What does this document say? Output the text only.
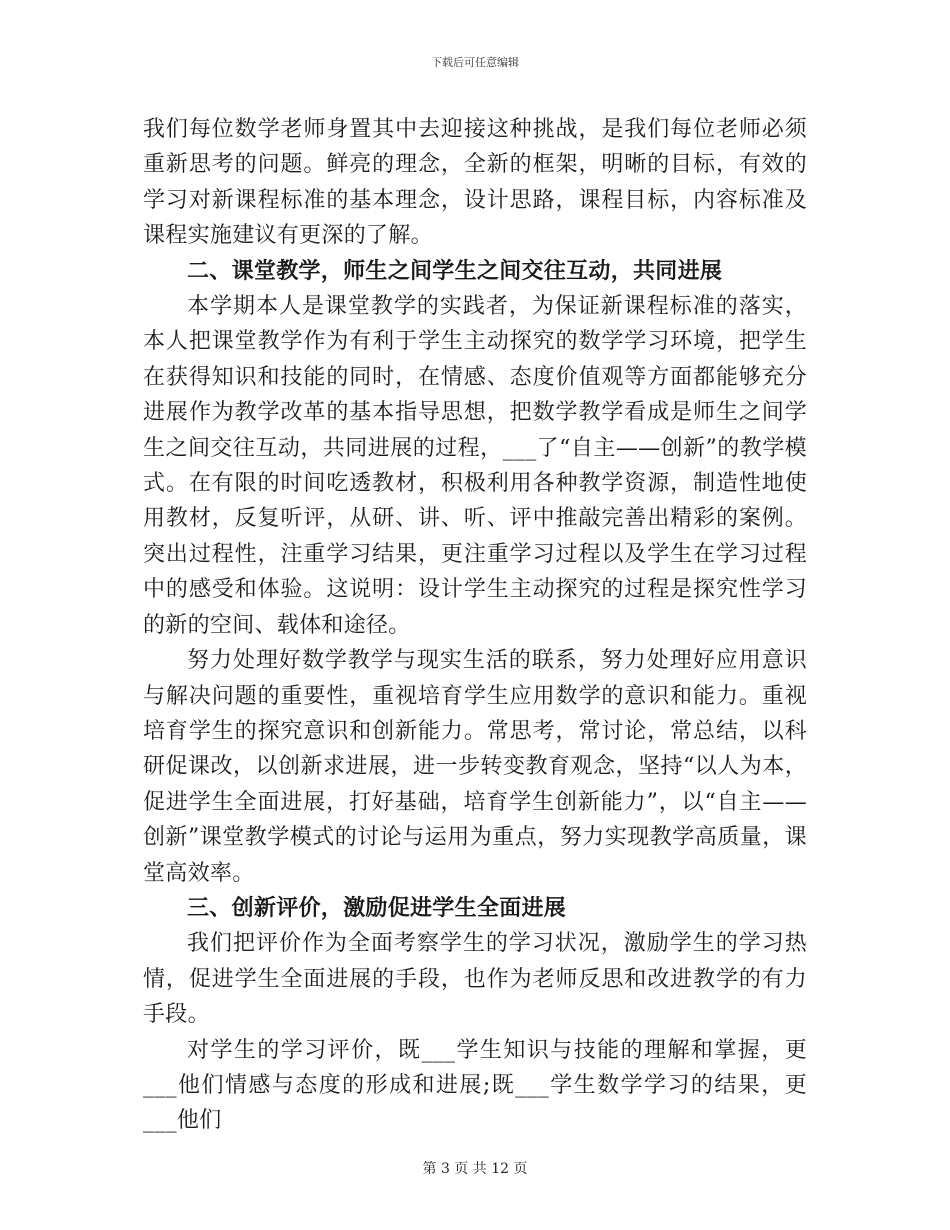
下载后可任意编辑

我们每位数学老师身置其中去迎接这种挑战，是我们每位老师必须重新思考的问题。鲜亮的理念，全新的框架，明晰的目标，有效的学习对新课程标准的基本理念，设计思路，课程目标，内容标准及课程实施建议有更深的了解。

二、课堂教学，师生之间学生之间交往互动，共同进展

本学期本人是课堂教学的实践者，为保证新课程标准的落实，本人把课堂教学作为有利于学生主动探究的数学学习环境，把学生在获得知识和技能的同时，在情感、态度价值观等方面都能够充分进展作为教学改革的基本指导思想，把数学教学看成是师生之间学生之间交往互动，共同进展的过程，___了“自主——创新”的教学模式。在有限的时间吃透教材，积极利用各种教学资源，制造性地使用教材，反复听评，从研、讲、听、评中推敲完善出精彩的案例。突出过程性，注重学习结果，更注重学习过程以及学生在学习过程中的感受和体验。这说明：设计学生主动探究的过程是探究性学习的新的空间、载体和途径。

努力处理好数学教学与现实生活的联系，努力处理好应用意识与解决问题的重要性，重视培育学生应用数学的意识和能力。重视培育学生的探究意识和创新能力。常思考，常讨论，常总结，以科研促课改，以创新求进展，进一步转变教育观念，坚持“以人为本，促进学生全面进展，打好基础，培育学生创新能力”，以“自主——创新”课堂教学模式的讨论与运用为重点，努力实现教学高质量，课堂高效率。

三、创新评价，激励促进学生全面进展

我们把评价作为全面考察学生的学习状况，激励学生的学习热情，促进学生全面进展的手段，也作为老师反思和改进教学的有力手段。

对学生的学习评价，既___学生知识与技能的理解和掌握，更___他们情感与态度的形成和进展;既___学生数学学习的结果，更___他们

第 3 页 共 12 页
